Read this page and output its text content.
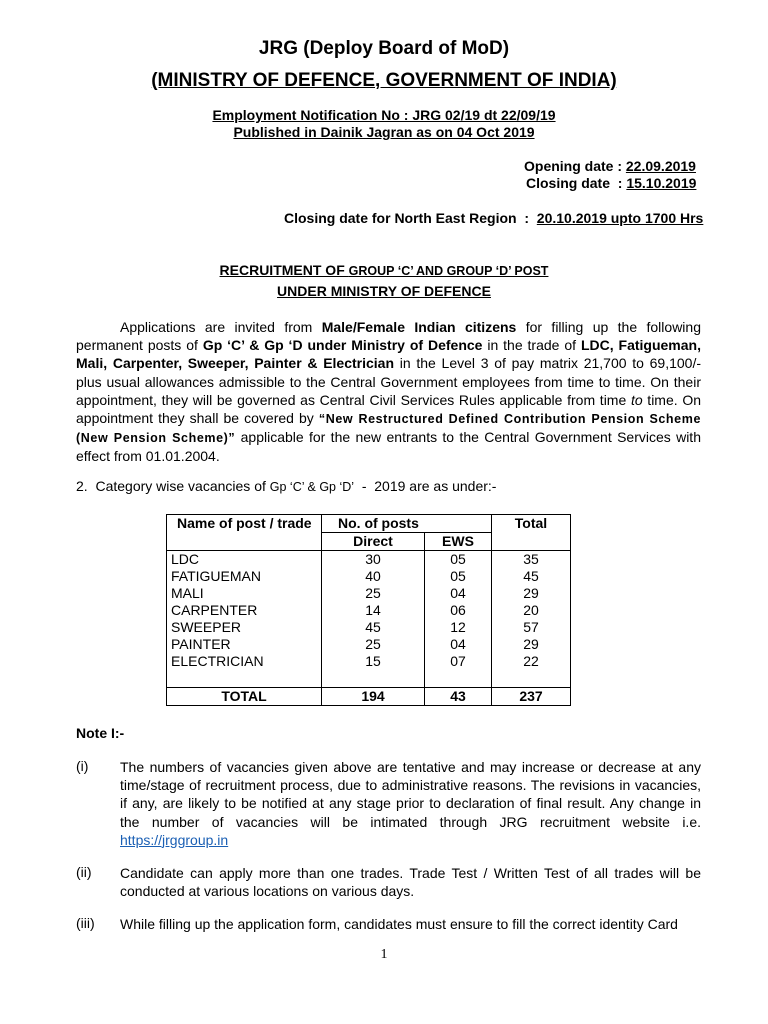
JRG (Deploy Board of MoD)
(MINISTRY OF DEFENCE, GOVERNMENT OF INDIA)
Employment Notification No : JRG 02/19 dt 22/09/19
Published in Dainik Jagran as on 04 Oct 2019
Opening date : 22.09.2019
Closing date  : 15.10.2019
Closing date for North East Region  :  20.10.2019 upto 1700 Hrs
RECRUITMENT OF GROUP ‘C’ AND GROUP ‘D’ POST
UNDER MINISTRY OF DEFENCE
Applications are invited from Male/Female Indian citizens for filling up the following permanent posts of Gp ‘C’ & Gp ‘D under Ministry of Defence in the trade of LDC, Fatigueman, Mali, Carpenter, Sweeper, Painter & Electrician in the Level 3 of pay matrix 21,700 to 69,100/- plus usual allowances admissible to the Central Government employees from time to time. On their appointment, they will be governed as Central Civil Services Rules applicable from time to time. On appointment they shall be covered by “New Restructured Defined Contribution Pension Scheme (New Pension Scheme)” applicable for the new entrants to the Central Government Services with effect from 01.01.2004.
2.  Category wise vacancies of Gp ‘C’ & Gp ‘D’  -  2019 are as under:-
Name of post / trade	No. of posts		Total
	Direct	EWS	
LDC	30	05	35
FATIGUEMAN	40	05	45
MALI	25	04	29
CARPENTER	14	06	20
SWEEPER	45	12	57
PAINTER	25	04	29
ELECTRICIAN	15	07	22

TOTAL	194	43	237
Note I:-
(i) The numbers of vacancies given above are tentative and may increase or decrease at any time/stage of recruitment process, due to administrative reasons. The revisions in vacancies, if any, are likely to be notified at any stage prior to declaration of final result. Any change in the number of vacancies will be intimated through JRG recruitment website i.e. https://jrggroup.in
(ii) Candidate can apply more than one trades. Trade Test / Written Test of all trades will be conducted at various locations on various days.
(iii) While filling up the application form, candidates must ensure to fill the correct identity Card
1
